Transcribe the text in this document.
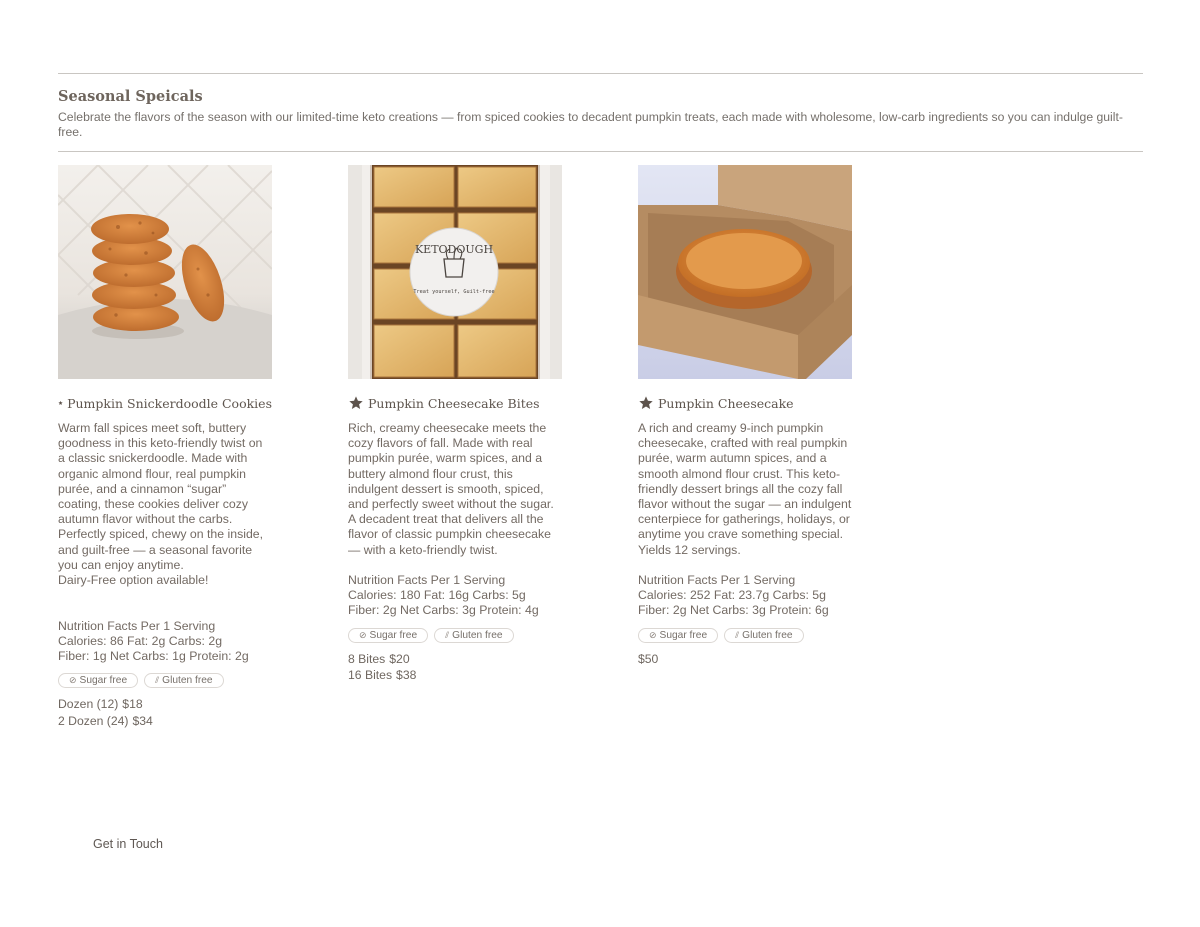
Seasonal Speicals

Celebrate the flavors of the season with our limited-time keto creations — from spiced cookies to decadent pumpkin treats, each made with wholesome, low-carb ingredients so you can indulge guilt-free.

Pumpkin Snickerdoodle Cookies

Warm fall spices meet soft, buttery goodness in this keto-friendly twist on a classic snickerdoodle. Made with organic almond flour, real pumpkin purée, and a cinnamon “sugar” coating, these cookies deliver cozy autumn flavor without the carbs. Perfectly spiced, chewy on the inside, and guilt-free — a seasonal favorite you can enjoy anytime.

Dairy-Free option available!

Nutrition Facts Per 1 Serving
Calories: 86 Fat: 2g Carbs: 2g
Fiber: 1g Net Carbs: 1g Protein: 2g
⊘ Sugar free	⫽ Gluten free
Dozen (12) $18
2 Dozen (24) $34
KETODOUGH
Treat yourself, Guilt-free
Pumpkin Cheesecake Bites

Rich, creamy cheesecake meets the cozy flavors of fall. Made with real pumpkin purée, warm spices, and a buttery almond flour crust, this indulgent dessert is smooth, spiced, and perfectly sweet without the sugar. A decadent treat that delivers all the flavor of classic pumpkin cheesecake — with a keto-friendly twist.

Nutrition Facts Per 1 Serving
Calories: 180 Fat: 16g Carbs: 5g
Fiber: 2g Net Carbs: 3g Protein: 4g
⊘ Sugar free	⫽ Gluten free
8 Bites $20
16 Bites $38
Pumpkin Cheesecake

A rich and creamy 9-inch pumpkin cheesecake, crafted with real pumpkin purée, warm autumn spices, and a smooth almond flour crust. This keto-friendly dessert brings all the cozy fall flavor without the sugar — an indulgent centerpiece for gatherings, holidays, or anytime you crave something special. Yields 12 servings.

Nutrition Facts Per 1 Serving
Calories: 252 Fat: 23.7g Carbs: 5g
Fiber: 2g Net Carbs: 3g Protein: 6g
⊘ Sugar free	⫽ Gluten free
$50
Get in Touch
